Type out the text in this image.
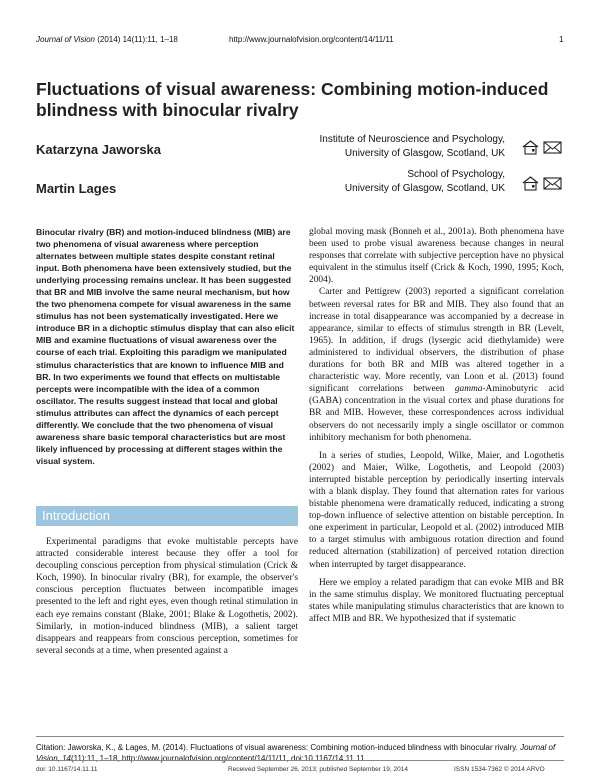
Journal of Vision (2014) 14(11):11, 1–18	http://www.journalofvision.org/content/14/11/11	1
Fluctuations of visual awareness: Combining motion-induced blindness with binocular rivalry
Katarzyna Jaworska
Institute of Neuroscience and Psychology,
University of Glasgow, Scotland, UK
Martin Lages
School of Psychology,
University of Glasgow, Scotland, UK

Binocular rivalry (BR) and motion-induced blindness (MIB) are two phenomena of visual awareness where perception alternates between multiple states despite constant retinal input. Both phenomena have been extensively studied, but the underlying processing remains unclear. It has been suggested that BR and MIB involve the same neural mechanism, but how the two phenomena compete for visual awareness in the same stimulus has not been systematically investigated. Here we introduce BR in a dichoptic stimulus display that can also elicit MIB and examine fluctuations of visual awareness over the course of each trial. Exploiting this paradigm we manipulated stimulus characteristics that are known to influence MIB and BR. In two experiments we found that effects on multistable percepts were incompatible with the idea of a common oscillator. The results suggest instead that local and global stimulus attributes can affect the dynamics of each percept differently. We conclude that the two phenomena of visual awareness share basic temporal characteristics but are most likely influenced by processing at different stages within the visual system.

Introduction

Experimental paradigms that evoke multistable percepts have attracted considerable interest because they offer a tool for decoupling conscious perception from physical stimulation (Crick & Koch, 1990). In binocular rivalry (BR), for example, the observer's conscious perception fluctuates between incompatible images presented to the left and right eyes, even though retinal stimulation in each eye remains constant (Blake, 2001; Blake & Logothetis, 2002). Similarly, in motion-induced blindness (MIB), a salient target disappears and reappears from conscious perception, sometimes for several seconds at a time, when presented against a

global moving mask (Bonneh et al., 2001a). Both phenomena have been used to probe visual awareness because changes in neural responses that correlate with subjective perception have no physical equivalent in the stimulus itself (Crick & Koch, 1990, 1995; Koch, 2004).

Carter and Pettigrew (2003) reported a significant correlation between reversal rates for BR and MIB. They also found that an increase in total disappearance was accompanied by a decrease in appearance, similar to effects of stimulus strength in BR (Levelt, 1965). In addition, if drugs (lysergic acid diethylamide) were administered to individual observers, the distribution of phase durations for both BR and MIB was altered together in a characteristic way. More recently, van Loon et al. (2013) found significant correlations between gamma-Aminobutyric acid (GABA) concentration in the visual cortex and phase durations for BR and MIB. However, these correspondences across individual observers do not necessarily imply a single oscillator or common inhibitory mechanism for both phenomena.

In a series of studies, Leopold, Wilke, Maier, and Logothetis (2002) and Maier, Wilke, Logothetis, and Leopold (2003) interrupted bistable perception by periodically inserting intervals with a blank display. They found that alternation rates for various bistable phenomena were dramatically reduced, indicating a strong top-down influence of selective attention on bistable perception. In one experiment in particular, Leopold et al. (2002) introduced MIB to a target stimulus with ambiguous rotation direction and found reduced alternation (stabilization) of perceived rotation direction when interrupted by target disappearance.

Here we employ a related paradigm that can evoke MIB and BR in the same stimulus display. We monitored fluctuating perceptual states while manipulating stimulus characteristics that are known to affect MIB and BR. We hypothesized that if systematic

Citation: Jaworska, K., & Lages, M. (2014). Fluctuations of visual awareness: Combining motion-induced blindness with binocular rivalry. Journal of Vision, 14(11):11, 1–18, http://www.journalofvision.org/content/14/11/11, doi:10.1167/14.11.11.
doi: 10.1167/14.11.11	Received September 26, 2013; published September 19, 2014	ISSN 1534-7362 © 2014 ARVO
